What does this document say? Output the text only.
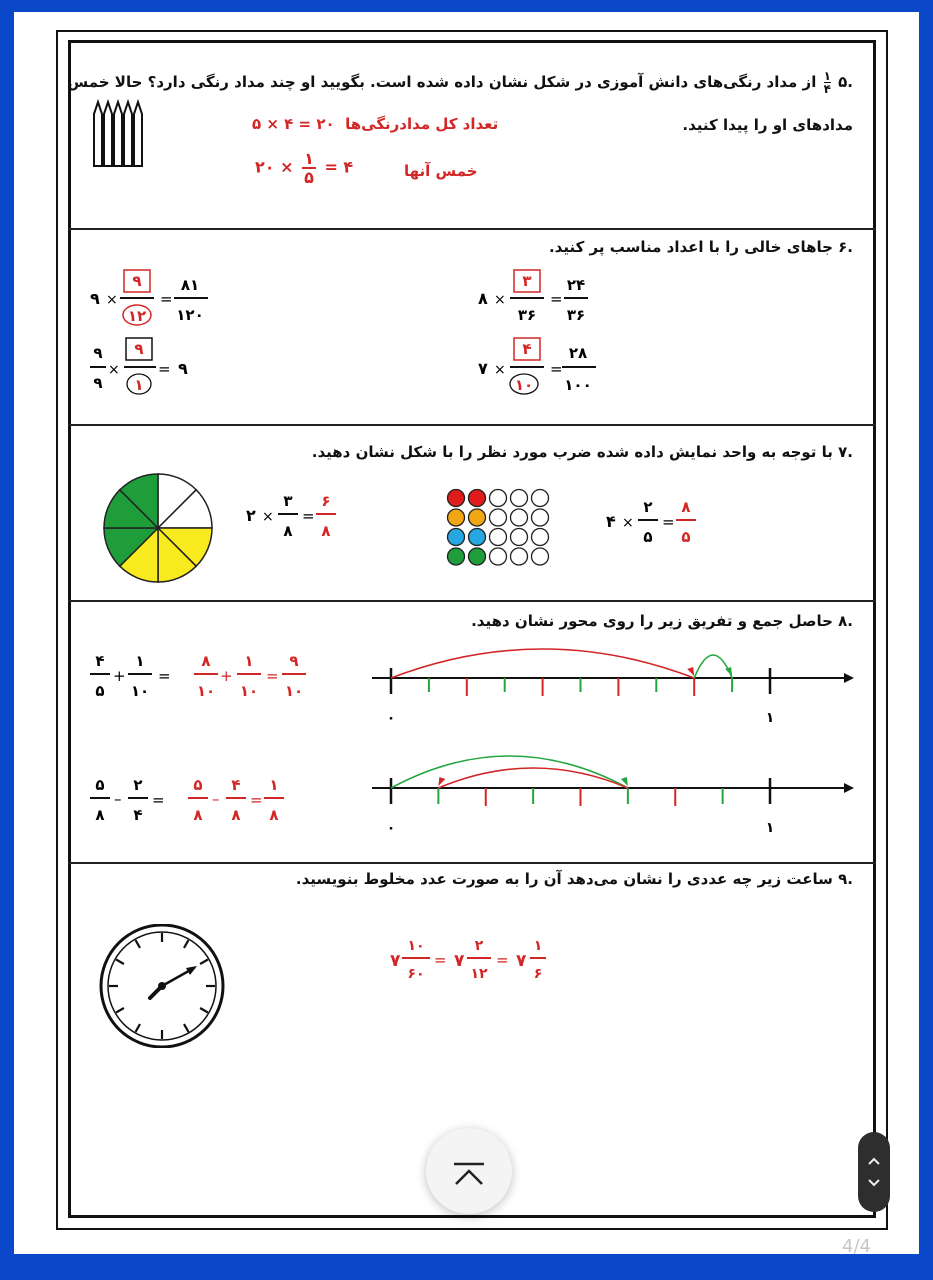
.۵
۱
۴
از مداد رنگی‌های دانش آموزی در شکل نشان داده شده است. بگویید او چند مداد رنگی دارد؟ حالا خمس
مدادهای او را پیدا کنید.
تعداد کل مدادرنگی‌ها  ۲۰ = ۴ × ۵
خمس آنها
۲۰ × ۱
۵
= ۴
.۶ جاهای خالی را با اعداد مناسب پر کنید.
۸ ×
۳
۳۶
=
۲۴
۳۶
۹ ×
۹
۱۲
=
۸۱
۱۲۰
۷ ×
۴
۱۰
=
۲۸
۱۰۰
۹
۹
×
۹
۱
= ۹
.۷ با توجه به واحد نمایش داده شده ضرب مورد نظر را با شکل نشان دهید.
۲ ×
۳
۸
=
۶
۸	۴ ×
۲
۵
=
۸
۵
.۸ حاصل جمع و تفریق زیر را روی محور نشان دهید.
۴
۵
+
۱
۱۰
=
۸
۱۰
+
۱
۱۰
=
۹
۱۰
۵
۸
–
۲
۴
=
۵
۸
–
۴
۸
=
۱
۸
۰	۱
۰	۱
.۹ ساعت زیر چه عددی را نشان می‌دهد آن را به صورت عدد مخلوط بنویسید.
۷
۱۰
۶۰
= ۷
۲
۱۲
= ۷
۱
۶
4/4
